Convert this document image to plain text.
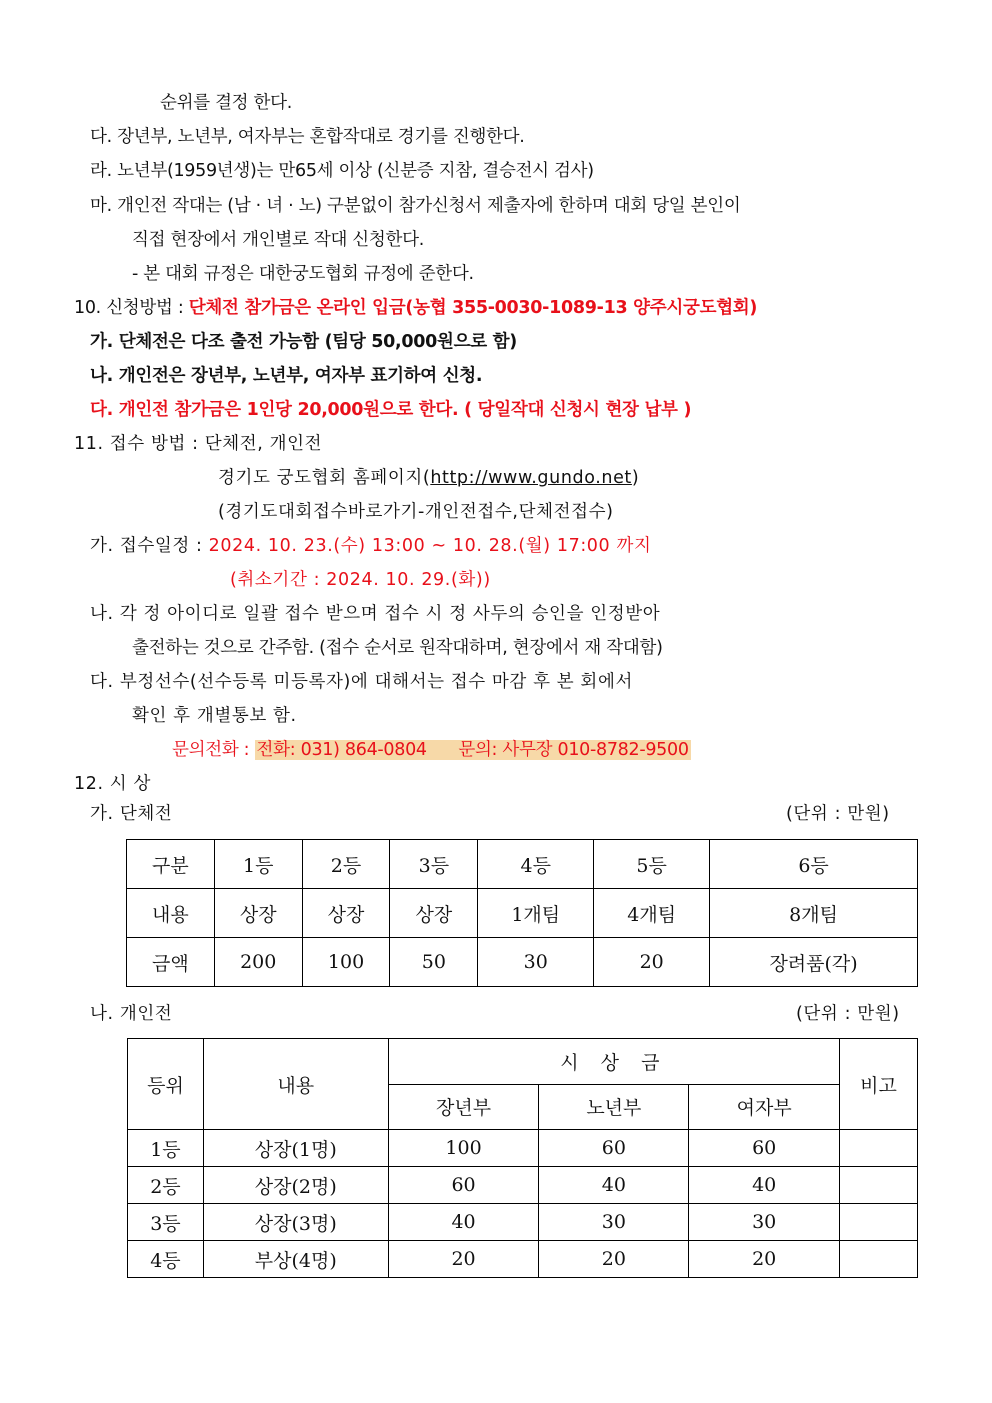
순위를 결정 한다.
다. 장년부, 노년부, 여자부는 혼합작대로 경기를 진행한다.
라. 노년부(1959년생)는 만65세 이상 (신분증 지참, 결승전시 검사)
마. 개인전 작대는 (남 · 녀 · 노) 구분없이 참가신청서 제출자에 한하며 대회 당일 본인이
직접 현장에서 개인별로 작대 신청한다.
- 본 대회 규정은 대한궁도협회 규정에 준한다.
10. 신청방법 : 단체전 참가금은 온라인 입금(농협 355-0030-1089-13 양주시궁도협회)
가. 단체전은 다조 출전 가능함 (팀당 50,000원으로 함)
나. 개인전은 장년부, 노년부, 여자부 표기하여 신청.
다. 개인전 참가금은 1인당 20,000원으로 한다. ( 당일작대 신청시 현장 납부 )
11. 접수 방법 : 단체전, 개인전
경기도 궁도협회 홈페이지(http://www.gundo.net)
(경기도대회접수바로가기-개인전접수,단체전접수)
가. 접수일정 : 2024. 10. 23.(수) 13:00 ~ 10. 28.(월) 17:00 까지
(취소기간 : 2024. 10. 29.(화))
나. 각 정 아이디로 일괄 접수 받으며 접수 시 정 사두의 승인을 인정받아
출전하는 것으로 간주함. (접수 순서로 원작대하며, 현장에서 재 작대함)
다. 부정선수(선수등록 미등록자)에 대해서는 접수 마감 후 본 회에서
확인 후 개별통보 함.
문의전화 : 전화: 031) 864-0804      문의: 사무장 010-8782-9500
12. 시 상
가. 단체전	(단위 : 만원)
구분	1등	2등	3등	4등	5등	6등
내용	상장	상장	상장	1개팀	4개팀	8개팀
금액	200	100	50	30	20	장려품(각)
나. 개인전	(단위 : 만원)
등위	내용	시 상 금			비고
		장년부	노년부	여자부	
1등	상장(1명)	100	60	60	
2등	상장(2명)	60	40	40	
3등	상장(3명)	40	30	30	
4등	부상(4명)	20	20	20	
